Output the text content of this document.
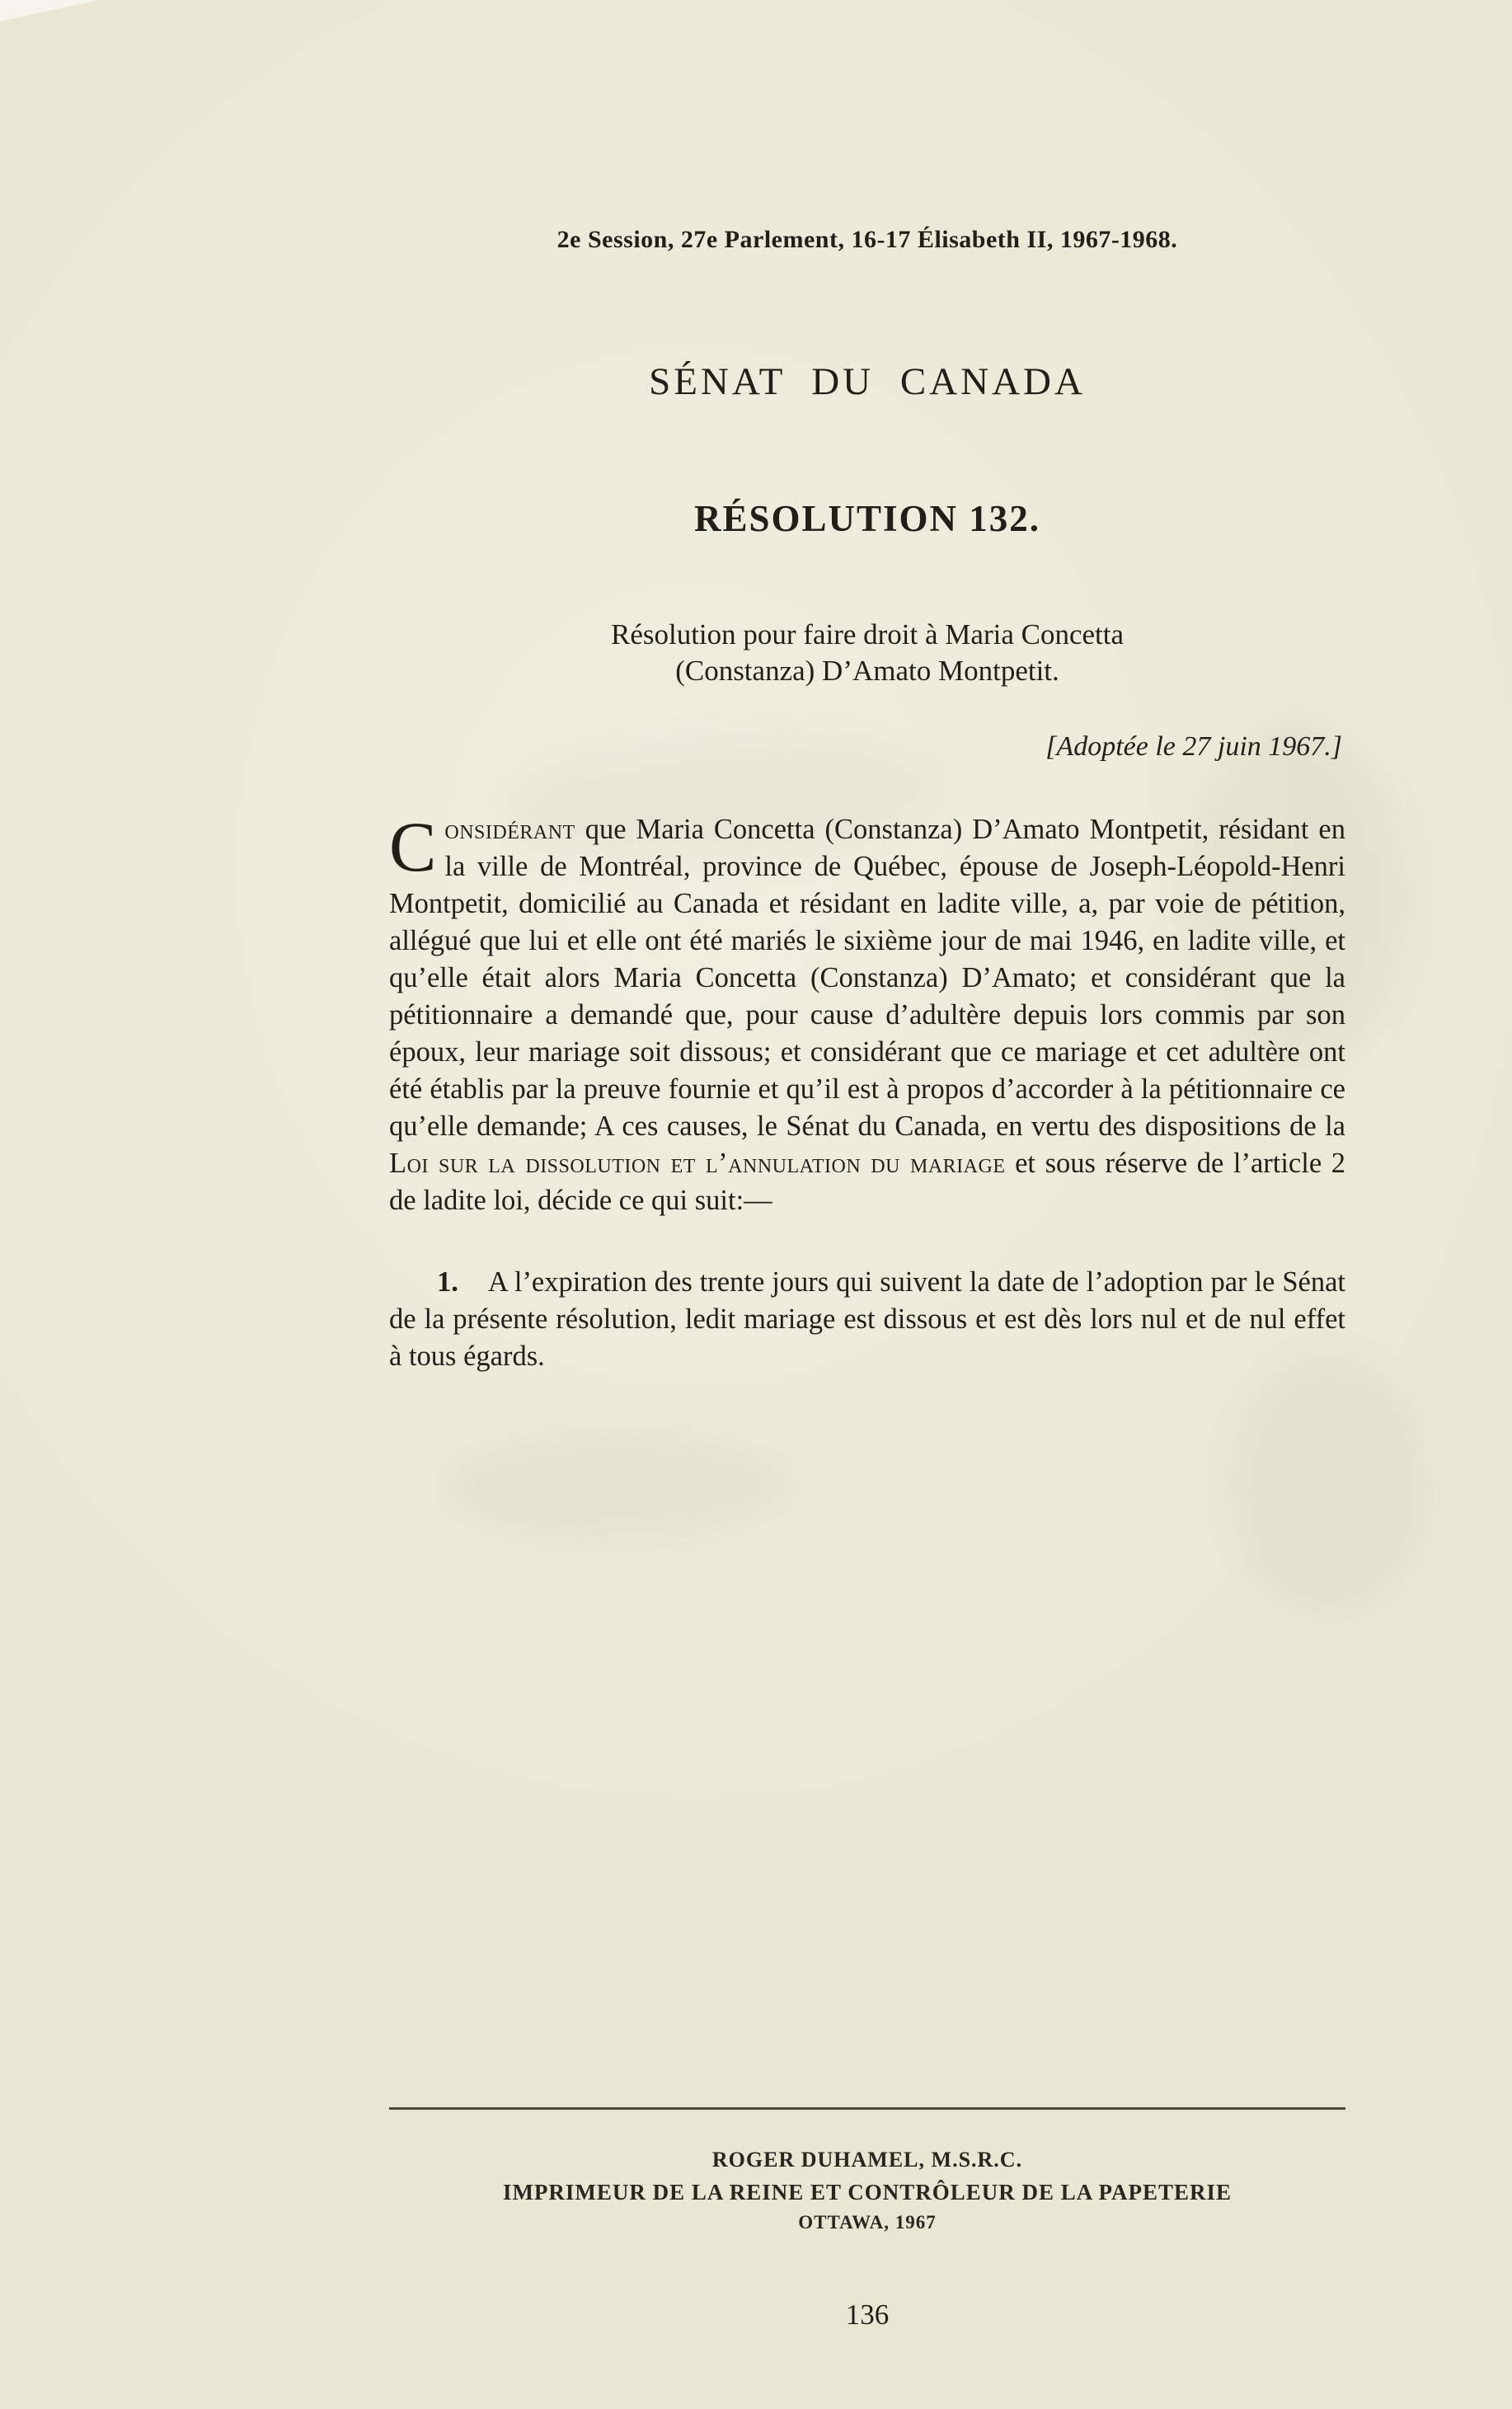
2e Session, 27e Parlement, 16-17 Élisabeth II, 1967-1968.
SÉNAT DU CANADA
RÉSOLUTION 132.
Résolution pour faire droit à Maria Concetta
(Constanza) D’Amato Montpetit.
[Adoptée le 27 juin 1967.]

Considérant que Maria Concetta (Constanza) D’Amato Montpetit, résidant en la ville de Montréal, province de Québec, épouse de Joseph-Léopold-Henri Montpetit, domicilié au Canada et résidant en ladite ville, a, par voie de pétition, allégué que lui et elle ont été mariés le sixième jour de mai 1946, en ladite ville, et qu’elle était alors Maria Concetta (Constanza) D’Amato; et considérant que la pétitionnaire a demandé que, pour cause d’adultère depuis lors commis par son époux, leur mariage soit dissous; et considérant que ce mariage et cet adultère ont été établis par la preuve fournie et qu’il est à propos d’accorder à la pétitionnaire ce qu’elle demande; A ces causes, le Sénat du Canada, en vertu des dispositions de la Loi sur la dissolution et l’annulation du mariage et sous réserve de l’article 2 de ladite loi, décide ce qui suit:—

1. A l’expiration des trente jours qui suivent la date de l’adoption par le Sénat de la présente résolution, ledit mariage est dissous et est dès lors nul et de nul effet à tous égards.

ROGER DUHAMEL, M.S.R.C.
IMPRIMEUR DE LA REINE ET CONTRÔLEUR DE LA PAPETERIE
OTTAWA, 1967
136
